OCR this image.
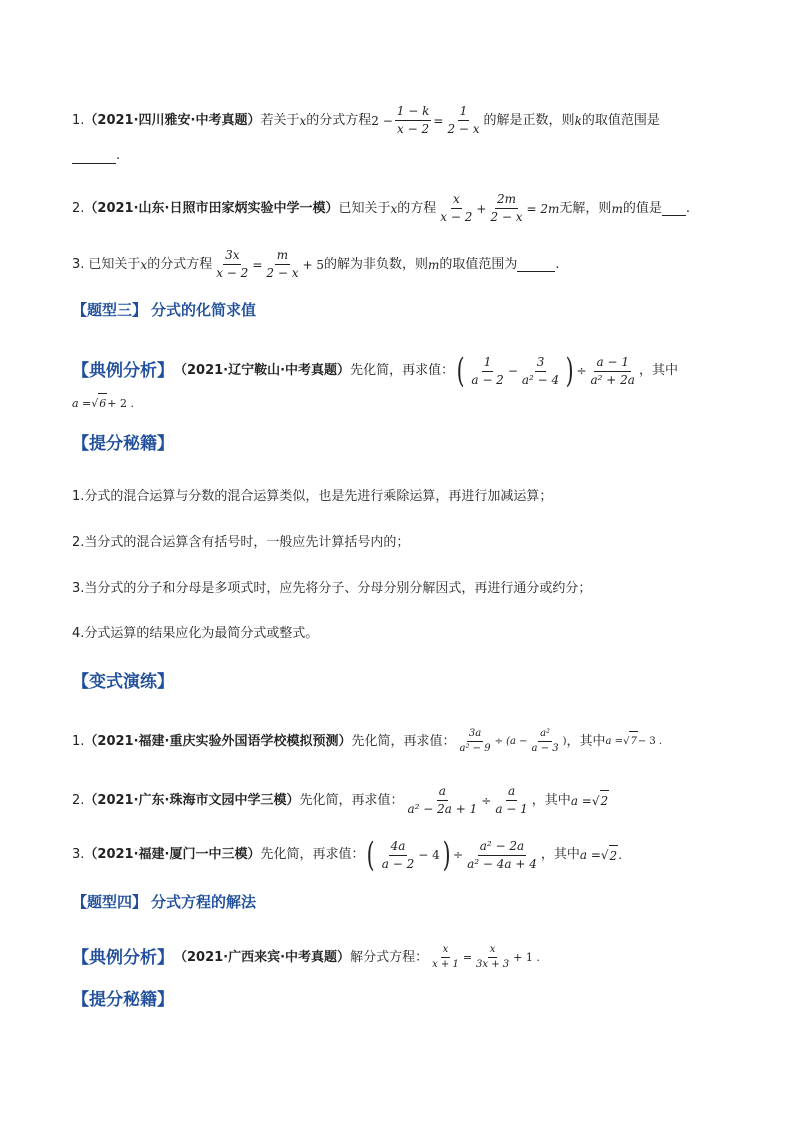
1. （2021·四川雅安·中考真题） 若关于 x 的分式方程 $2 - \frac{1 - k}{x - 2} = \frac{1}{2 - x}$ 的解是正数，则 k 的取值范围是
.
2. （2021·山东·日照市田家炳实验中学一模） 已知关于 x 的方程 $\frac{x}{x - 2} + \frac{2m}{2 - x} = 2m$ 无解，则 m 的值是 .
3. 已知关于 x 的分式方程 $\frac{3x}{x - 2} = \frac{m}{2 - x} + 5$ 的解为非负数，则 m 的取值范围为	.
【题型三】 分式的化简求值
【典例分析】 （2021·辽宁鞍山·中考真题） 先化简，再求值： ( $\frac{1}{a - 2} - \frac{3}{\text{a² − 4}}$ ) ÷ $\frac{a - 1}{\text{a² + 2a}}$ ，其中
a = √ 6 + 2 .
【提分秘籍】
1.分式的混合运算与分数的混合运算类似，也是先进行乘除运算，再进行加减运算；
2.当分式的混合运算含有括号时，一般应先计算括号内的；
3.当分式的分子和分母是多项式时，应先将分子、分母分别分解因式，再进行通分或约分；
4.分式运算的结果应化为最简分式或整式。
【变式演练】
1. （2021·福建·重庆实验外国语学校模拟预测） 先化简，再求值： $\frac{3a}{\text{a² − 9}} \div (a - \frac{\text{a²}}{a - 3}$ ) ，其中 a = √ 7 − 3 .
2. （2021·广东·珠海市文园中学三模） 先化简，再求值： $\frac{a}{\text{a² − 2a + 1}} \div \frac{a}{a - 1}$ ，其中 a = √ 2
3. （2021·福建·厦门一中三模） 先化简，再求值： ( $\frac{4a}{a - 2} - 4$ ) ÷ $\frac{\text{a² − 2a}}{\text{a² − 4a + 4}}$ ，其中 a = √ 2 .
【题型四】 分式方程的解法
【典例分析】 （2021·广西来宾·中考真题） 解分式方程： $\frac{x}{x + 1} = \frac{x}{3x + 3} + 1$ .
【提分秘籍】
